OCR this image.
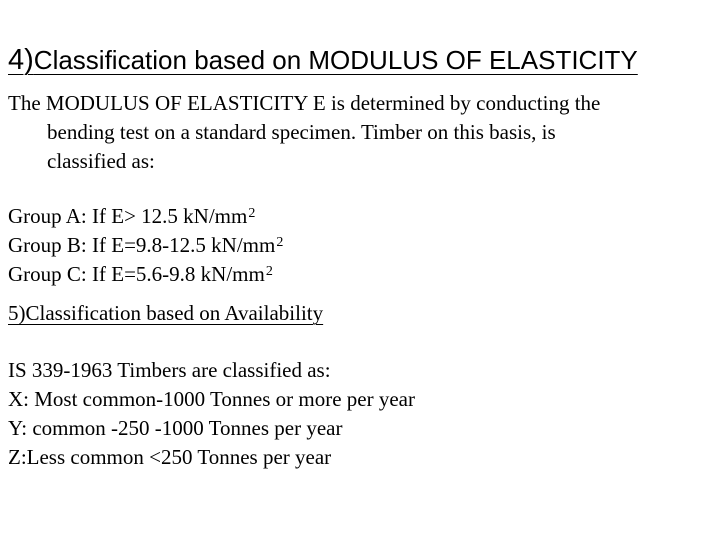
4)Classification based on MODULUS OF ELASTICITY
The MODULUS OF ELASTICITY E is determined by conducting the
bending test on a standard specimen. Timber on this basis, is
classified as:
Group A: If E> 12.5 $kN/mm^2$
Group B: If E=9.8-12.5 $kN/mm^2$
Group C: If E=5.6-9.8 $kN/mm^2$
5)Classification based on Availability
IS 339-1963 Timbers are classified as:
X: Most common-1000 Tonnes or more per year
Y: common -250 -1000 Tonnes per year
Z:Less common <250 Tonnes per year
